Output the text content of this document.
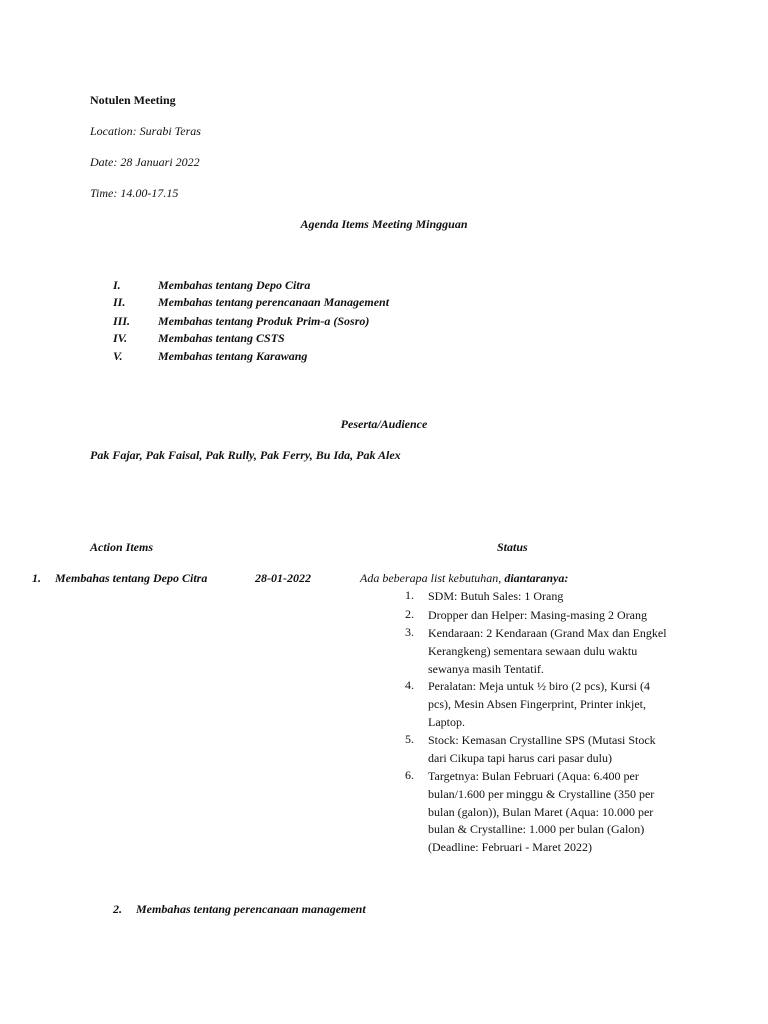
Notulen Meeting
Location: Surabi Teras
Date: 28 Januari 2022
Time: 14.00-17.15
Agenda Items Meeting Mingguan
I.	Membahas tentang Depo Citra
II.	Membahas tentang perencanaan Management
III. Membahas tentang Produk Prim-a (Sosro)
IV.	Membahas tentang CSTS
V.	Membahas tentang Karawang
Peserta/Audience
Pak Fajar, Pak Faisal, Pak Rully, Pak Ferry, Bu Ida, Pak Alex
Action Items	Status
1. Membahas tentang Depo Citra	28-01-2022	Ada beberapa list kebutuhan, diantaranya:
1.	SDM: Butuh Sales: 1 Orang
2.	Dropper dan Helper: Masing-masing 2 Orang
3.	Kendaraan: 2 Kendaraan (Grand Max dan Engkel Kerangkeng) sementara sewaan dulu waktu sewanya masih Tentatif.
4.	Peralatan: Meja untuk ½ biro (2 pcs), Kursi (4 pcs), Mesin Absen Fingerprint, Printer inkjet, Laptop.
5.	Stock: Kemasan Crystalline SPS (Mutasi Stock dari Cikupa tapi harus cari pasar dulu)
6.	Targetnya: Bulan Februari (Aqua: 6.400 per bulan/1.600 per minggu & Crystalline (350 per bulan (galon)), Bulan Maret (Aqua: 10.000 per bulan & Crystalline: 1.000 per bulan (Galon) (Deadline: Februari - Maret 2022)
2. Membahas tentang perencanaan management
